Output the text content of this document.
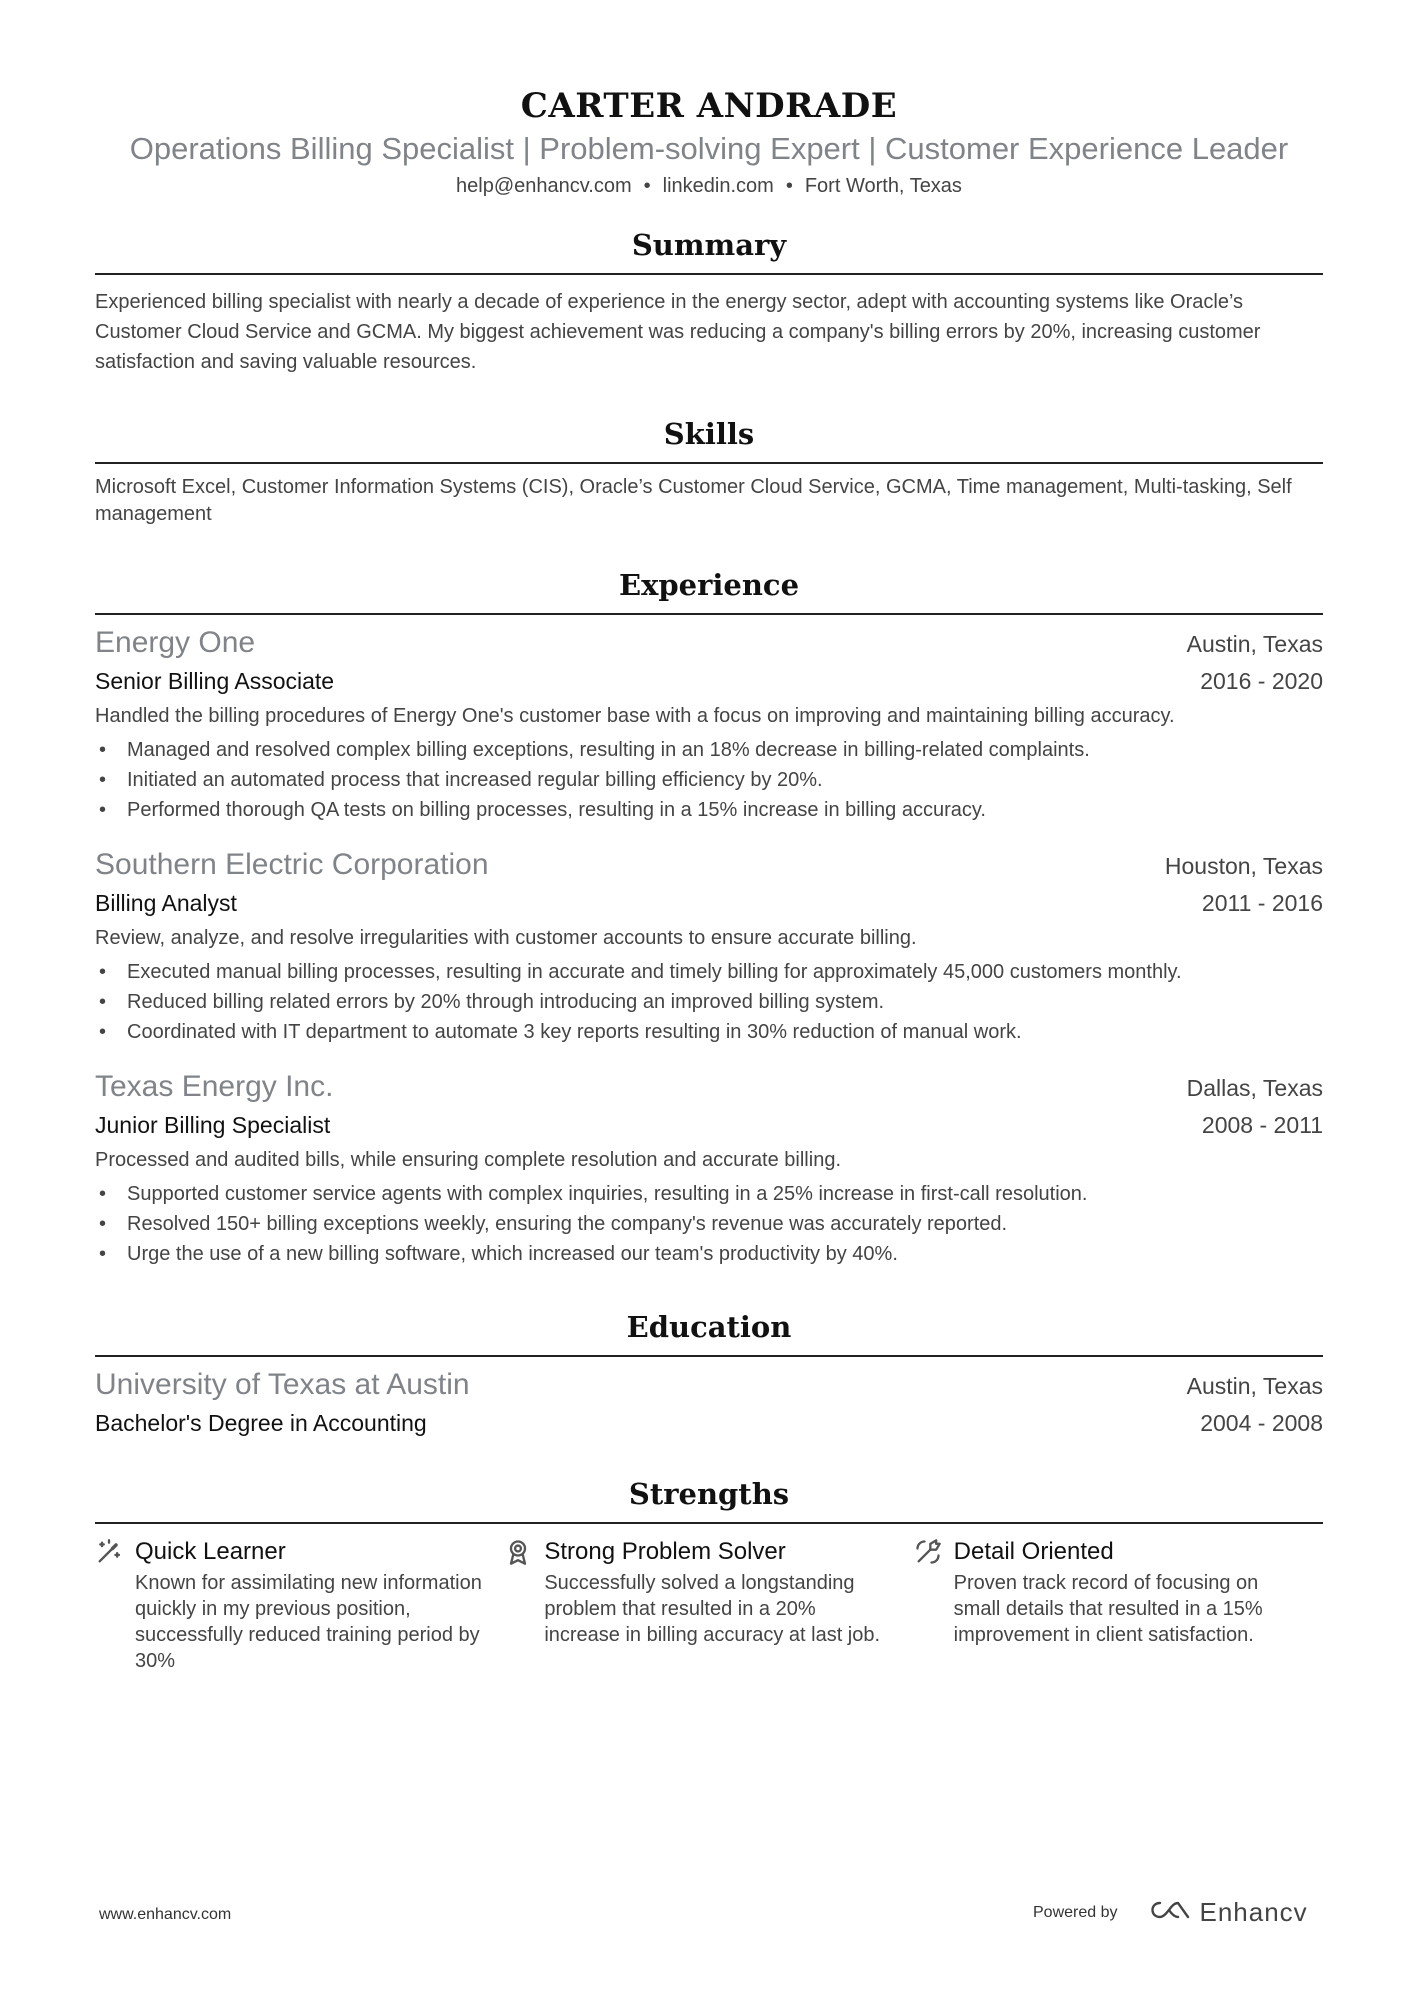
CARTER ANDRADE
Operations Billing Specialist | Problem-solving Expert | Customer Experience Leader
help@enhancv.com • linkedin.com • Fort Worth, Texas
Summary
Experienced billing specialist with nearly a decade of experience in the energy sector, adept with accounting systems like Oracle’s Customer Cloud Service and GCMA. My biggest achievement was reducing a company's billing errors by 20%, increasing customer satisfaction and saving valuable resources.
Skills
Microsoft Excel, Customer Information Systems (CIS), Oracle’s Customer Cloud Service, GCMA, Time management, Multi-tasking, Self management
Experience
Energy One	Austin, Texas
Senior Billing Associate	2016 - 2020
Handled the billing procedures of Energy One's customer base with a focus on improving and maintaining billing accuracy.
• Managed and resolved complex billing exceptions, resulting in an 18% decrease in billing-related complaints.
• Initiated an automated process that increased regular billing efficiency by 20%.
• Performed thorough QA tests on billing processes, resulting in a 15% increase in billing accuracy.
Southern Electric Corporation	Houston, Texas
Billing Analyst	2011 - 2016
Review, analyze, and resolve irregularities with customer accounts to ensure accurate billing.
• Executed manual billing processes, resulting in accurate and timely billing for approximately 45,000 customers monthly.
• Reduced billing related errors by 20% through introducing an improved billing system.
• Coordinated with IT department to automate 3 key reports resulting in 30% reduction of manual work.
Texas Energy Inc.	Dallas, Texas
Junior Billing Specialist	2008 - 2011
Processed and audited bills, while ensuring complete resolution and accurate billing.
• Supported customer service agents with complex inquiries, resulting in a 25% increase in first-call resolution.
• Resolved 150+ billing exceptions weekly, ensuring the company's revenue was accurately reported.
• Urge the use of a new billing software, which increased our team's productivity by 40%.
Education
University of Texas at Austin	Austin, Texas
Bachelor's Degree in Accounting	2004 - 2008
Strengths
Quick Learner
Known for assimilating new information quickly in my previous position, successfully reduced training period by 30%
Strong Problem Solver
Successfully solved a longstanding problem that resulted in a 20% increase in billing accuracy at last job.
Detail Oriented
Proven track record of focusing on small details that resulted in a 15% improvement in client satisfaction.
www.enhancv.com	Powered by	Enhancv
